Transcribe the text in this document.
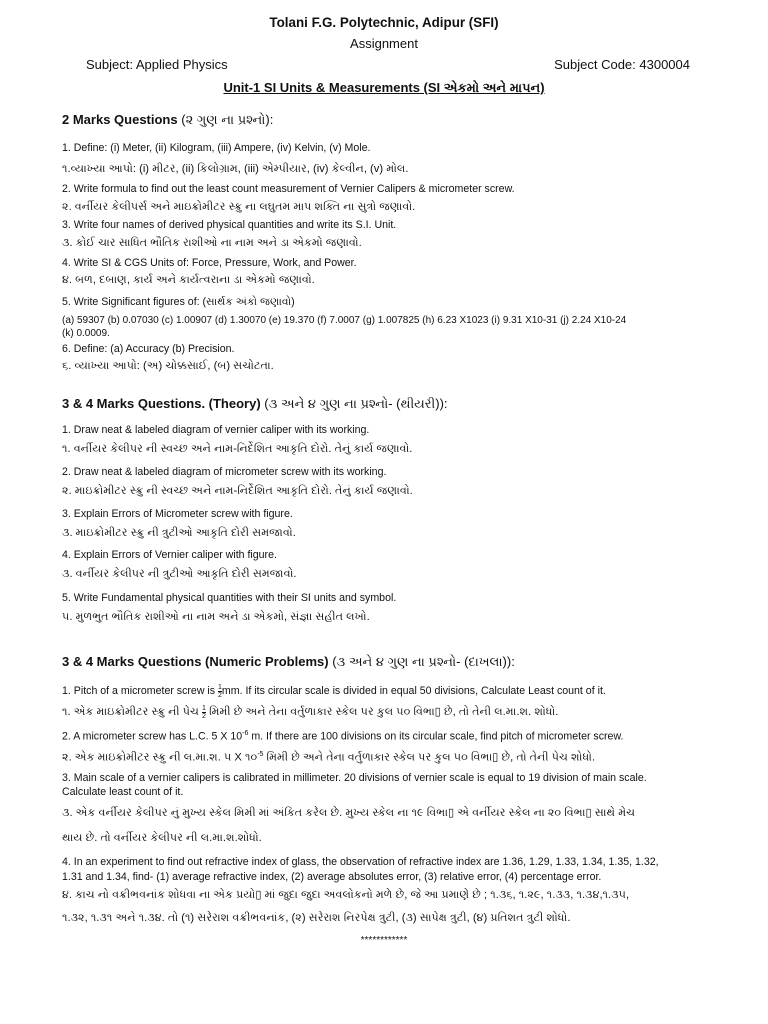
Tolani F.G. Polytechnic, Adipur (SFI)
Assignment
Subject: Applied Physics	Subject Code: 4300004
Unit-1 SI Units & Measurements (SI એકમો અને માપન)
2 Marks Questions (૨ ગુણ ના પ્રશ્નો):
1. Define: (i) Meter, (ii) Kilogram, (iii) Ampere, (iv) Kelvin, (v) Mole.
૧.વ્યાખ્યા આપો: (i) મીટર, (ii) કિલોગ્રામ, (iii) એમ્પીયાર, (iv) કેલ્વીન, (v) મોલ.
2. Write formula to find out the least count measurement of Vernier Calipers & micrometer screw.
૨. વર્નીયર કેલીપર્સ અને માઇક્રોમીટર સ્ક્રુ ના લઘુતમ માપ શક્તિ ના સુત્રો જણાવો.
3. Write four names of derived physical quantities and write its S.I. Unit.
૩. કોઈ ચાર સાધિત ભૌતિક રાશીઓ ના નામ અને ડા એકમો જણાવો.
4. Write SI & CGS Units of: Force, Pressure, Work, and Power.
૪. બળ, દબાણ, કાર્ય અને કાર્યત્વરાના ડા એકમો જણાવો.
5. Write Significant figures of: (સાર્થક અંકો જણાવો)
(a) 59307 (b) 0.07030 (c) 1.00907 (d) 1.30070 (e) 19.370 (f) 7.0007 (g) 1.007825 (h) 6.23 X1023 (i) 9.31 X10-31 (j) 2.24 X10-24
(k) 0.0009.
6. Define: (a) Accuracy (b) Precision.
૬. વ્યાખ્યા આપો: (અ) ચોક્કસાઈ, (બ) સચોટતા.
3 & 4 Marks Questions. (Theory) (૩ અને ૪ ગુણ ના પ્રશ્નો- (થીયરી)):
1. Draw neat & labeled diagram of vernier caliper with its working.
૧. વર્નીયર કેલીપર ની સ્વચ્છ અને નામ-નિર્દેશિત આકૃતિ દોરો. તેનું કાર્ય જણાવો.
2. Draw neat & labeled diagram of micrometer screw with its working.
૨. માઇક્રોમીટર સ્ક્રુ ની સ્વચ્છ અને નામ-નિર્દેશિત આકૃતિ દોરો. તેનું કાર્ય જણાવો.
3. Explain Errors of Micrometer screw with figure.
૩. માઇક્રોમીટર સ્ક્રુ ની ત્રુટીઓ આકૃતિ દોરી સમજાવો.
4. Explain Errors of Vernier caliper with figure.
૩. વર્નીયર કેલીપર ની ત્રુટીઓ આકૃતિ દોરી સમજાવો.
5. Write Fundamental physical quantities with their SI units and symbol.
૫. મુળભુત ભૌતિક રાશીઓ ના નામ અને ડા એકમો, સંજ્ઞા સહીત લખો.
3 & 4 Marks Questions (Numeric Problems) (૩ અને ૪ ગુણ ના પ્રશ્નો- (દાખલા)):
1. Pitch of a micrometer screw is $\frac{1}{2}$ mm. If its circular scale is divided in equal 50 divisions, Calculate Least count of it.
૧. એક માઇક્રોમીટર સ્ક્રુ ની પેચ $\frac{1}{2}$ મિમી છે અને તેના વર્તુળાકાર સ્કેલ પર કુલ ૫૦ વિભા▯ છે, તો તેની લ.મા.શ. શોધો.
2. A micrometer screw has L.C. 5 X $10^{-6}$ m. If there are 100 divisions on its circular scale, find pitch of micrometer screw.
૨. એક માઇક્રોમીટર સ્ક્રુ ની લ.મા.શ. ૫ X $૧૦^{-5}$ મિમી છે અને તેના વર્તુળાકાર સ્કેલ પર કુલ ૫૦ વિભા▯ છે, તો તેની પેચ શોધો.
3. Main scale of a vernier calipers is calibrated in millimeter. 20 divisions of vernier scale is equal to 19 division of main scale.
Calculate least count of it.
૩. એક વર્નીયર કેલીપર નું મુખ્ય સ્કેલ મિમી માં અંકિત કરેલ છે. મુખ્ય સ્કેલ ના ૧૯ વિભા▯ એ વર્નીયર સ્કેલ ના ૨૦ વિભા▯ સાથે મેચ
થાય છે. તો વર્નીયર કેલીપર ની લ.મા.શ.શોધો.
4. In an experiment to find out refractive index of glass, the observation of refractive index are 1.36, 1.29, 1.33, 1.34, 1.35, 1.32,
1.31 and 1.34, find- (1) average refractive index, (2) average absolutes error, (3) relative error, (4) percentage error.
૪. કાચ નો વક્રીભવનાંક શોધવા ના એક પ્રયો▯ માં જુદા જુદા અવલોકનો મળે છે, જે આ પ્રમાણે છે ; ૧.૩૬, ૧.૨૯, ૧.૩૩, ૧.૩૪,૧.૩૫,
૧.૩૨, ૧.૩૧ અને ૧.૩૪. તો (૧) સરેરાશ વક્રીભવનાંક, (૨) સરેરાશ નિરપેક્ષ ત્રુટી, (૩) સાપેક્ષ ત્રુટી, (૪) પ્રતિશત ત્રુટી શોધો.
************
